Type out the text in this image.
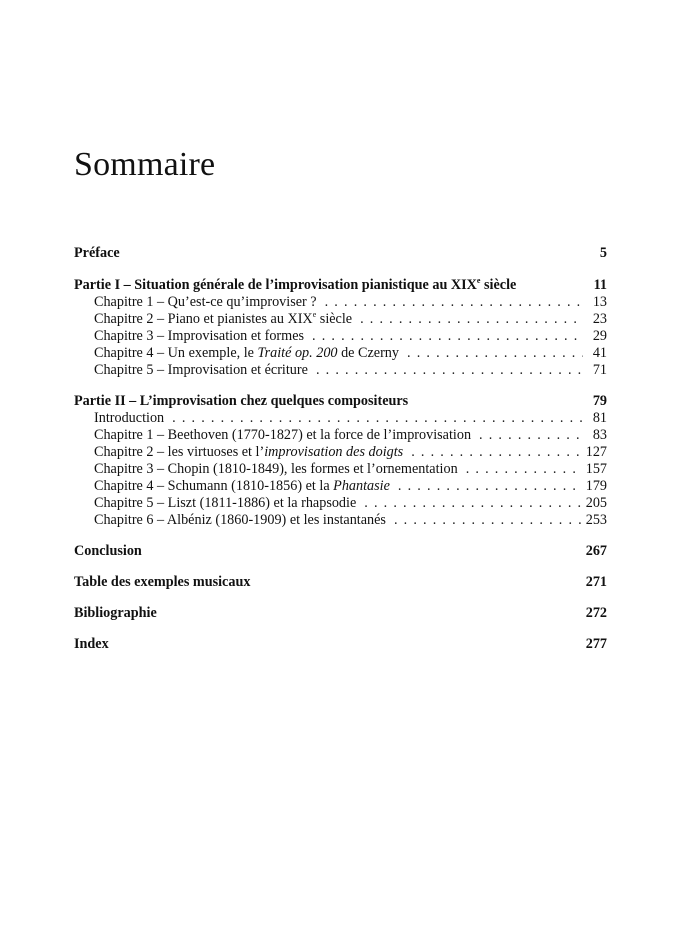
Sommaire
Préface	5
Partie I – Situation générale de l’improvisation pianistique au XIXe siècle	11
Chapitre 1 – Qu’est-ce qu’improviser ? . . .	13
Chapitre 2 – Piano et pianistes au XIXe siècle . . .	23
Chapitre 3 – Improvisation et formes . . .	29
Chapitre 4 – Un exemple, le Traité op. 200 de Czerny . . .	41
Chapitre 5 – Improvisation et écriture . . .	71
Partie II – L’improvisation chez quelques compositeurs	79
Introduction . . .	81
Chapitre 1 – Beethoven (1770-1827) et la force de l’improvisation . . .	83
Chapitre 2 – les virtuoses et l’improvisation des doigts . . .	127
Chapitre 3 – Chopin (1810-1849), les formes et l’ornementation . . .	157
Chapitre 4 – Schumann (1810-1856) et la Phantasie . . .	179
Chapitre 5 – Liszt (1811-1886) et la rhapsodie . . .	205
Chapitre 6 – Albéniz (1860-1909) et les instantanés . . .	253
Conclusion	267
Table des exemples musicaux	271
Bibliographie	272
Index	277
